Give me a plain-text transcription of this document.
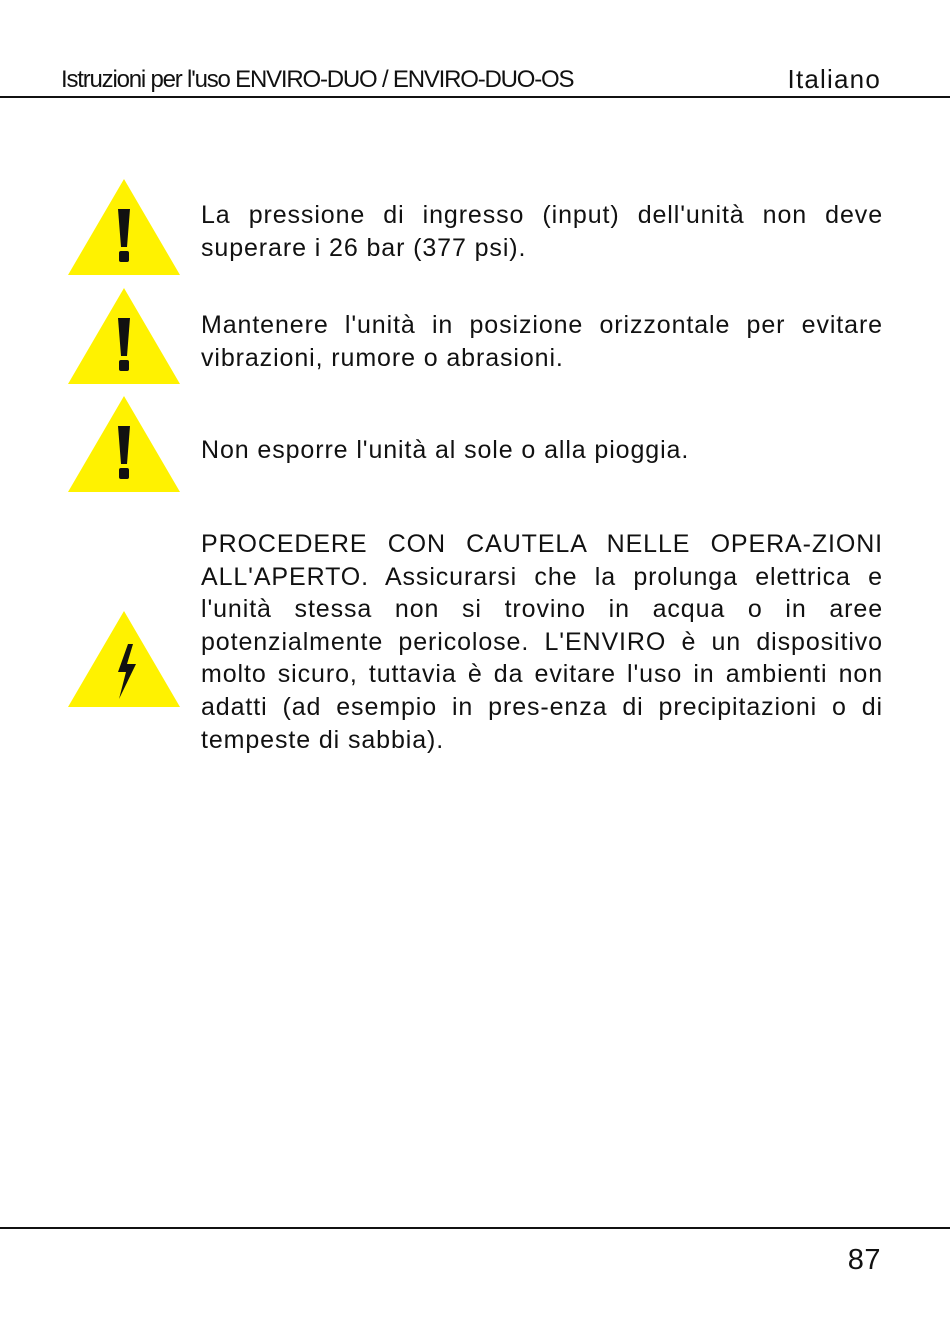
Istruzioni per l'uso ENVIRO-DUO / ENVIRO-DUO-OS	Italiano

La pressione di ingresso (input) dell'unità non deve superare i 26 bar (377 psi).

Mantenere l'unità in posizione orizzontale per evitare vibrazioni, rumore o abrasioni.

Non esporre l'unità al sole o alla pioggia.

PROCEDERE CON CAUTELA NELLE OPERA-ZIONI ALL'APERTO. Assicurarsi che la prolunga elettrica e l'unità stessa non si trovino in acqua o in aree potenzialmente pericolose. L'ENVIRO è un dispositivo molto sicuro, tuttavia è da evitare l'uso in ambienti non adatti (ad esempio in pres-enza di precipitazioni o di tempeste di sabbia).

87
